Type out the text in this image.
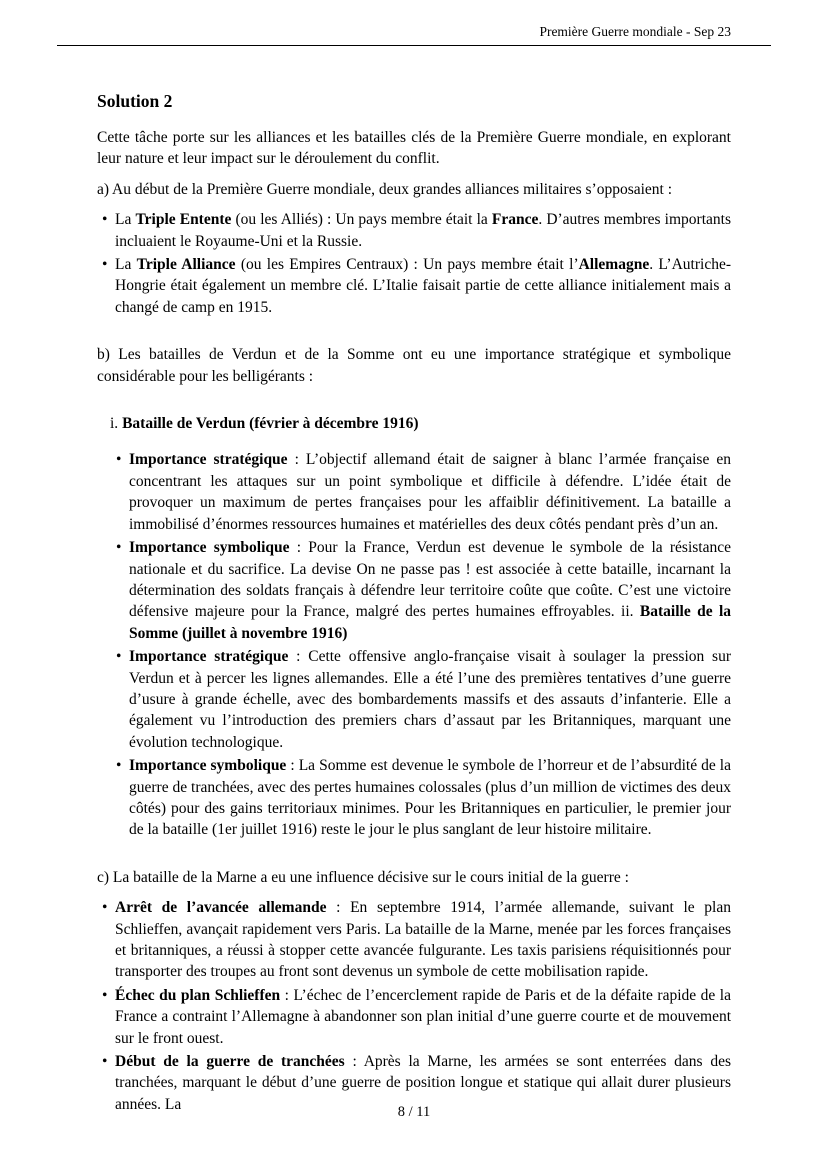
Première Guerre mondiale - Sep 23
Solution 2

Cette tâche porte sur les alliances et les batailles clés de la Première Guerre mondiale, en explorant leur nature et leur impact sur le déroulement du conflit.

a) Au début de la Première Guerre mondiale, deux grandes alliances militaires s’opposaient :

• La Triple Entente (ou les Alliés) : Un pays membre était la France. D’autres membres importants incluaient le Royaume-Uni et la Russie.
• La Triple Alliance (ou les Empires Centraux) : Un pays membre était l’Allemagne. L’Autriche-Hongrie était également un membre clé. L’Italie faisait partie de cette alliance initialement mais a changé de camp en 1915.

b) Les batailles de Verdun et de la Somme ont eu une importance stratégique et symbolique considérable pour les belligérants :

i. Bataille de Verdun (février à décembre 1916)

• Importance stratégique : L’objectif allemand était de saigner à blanc l’armée française en concentrant les attaques sur un point symbolique et difficile à défendre. L’idée était de provoquer un maximum de pertes françaises pour les affaiblir définitivement. La bataille a immobilisé d’énormes ressources humaines et matérielles des deux côtés pendant près d’un an.
• Importance symbolique : Pour la France, Verdun est devenue le symbole de la résistance nationale et du sacrifice. La devise On ne passe pas ! est associée à cette bataille, incarnant la détermination des soldats français à défendre leur territoire coûte que coûte. C’est une victoire défensive majeure pour la France, malgré des pertes humaines effroyables. ii. Bataille de la Somme (juillet à novembre 1916)
• Importance stratégique : Cette offensive anglo-française visait à soulager la pression sur Verdun et à percer les lignes allemandes. Elle a été l’une des premières tentatives d’une guerre d’usure à grande échelle, avec des bombardements massifs et des assauts d’infanterie. Elle a également vu l’introduction des premiers chars d’assaut par les Britanniques, marquant une évolution technologique.
• Importance symbolique : La Somme est devenue le symbole de l’horreur et de l’absurdité de la guerre de tranchées, avec des pertes humaines colossales (plus d’un million de victimes des deux côtés) pour des gains territoriaux minimes. Pour les Britanniques en particulier, le premier jour de la bataille (1er juillet 1916) reste le jour le plus sanglant de leur histoire militaire.

c) La bataille de la Marne a eu une influence décisive sur le cours initial de la guerre :

• Arrêt de l’avancée allemande : En septembre 1914, l’armée allemande, suivant le plan Schlieffen, avançait rapidement vers Paris. La bataille de la Marne, menée par les forces françaises et britanniques, a réussi à stopper cette avancée fulgurante. Les taxis parisiens réquisitionnés pour transporter des troupes au front sont devenus un symbole de cette mobilisation rapide.
• Échec du plan Schlieffen : L’échec de l’encerclement rapide de Paris et de la défaite rapide de la France a contraint l’Allemagne à abandonner son plan initial d’une guerre courte et de mouvement sur le front ouest.
• Début de la guerre de tranchées : Après la Marne, les armées se sont enterrées dans des tranchées, marquant le début d’une guerre de position longue et statique qui allait durer plusieurs années. La	8 / 11
